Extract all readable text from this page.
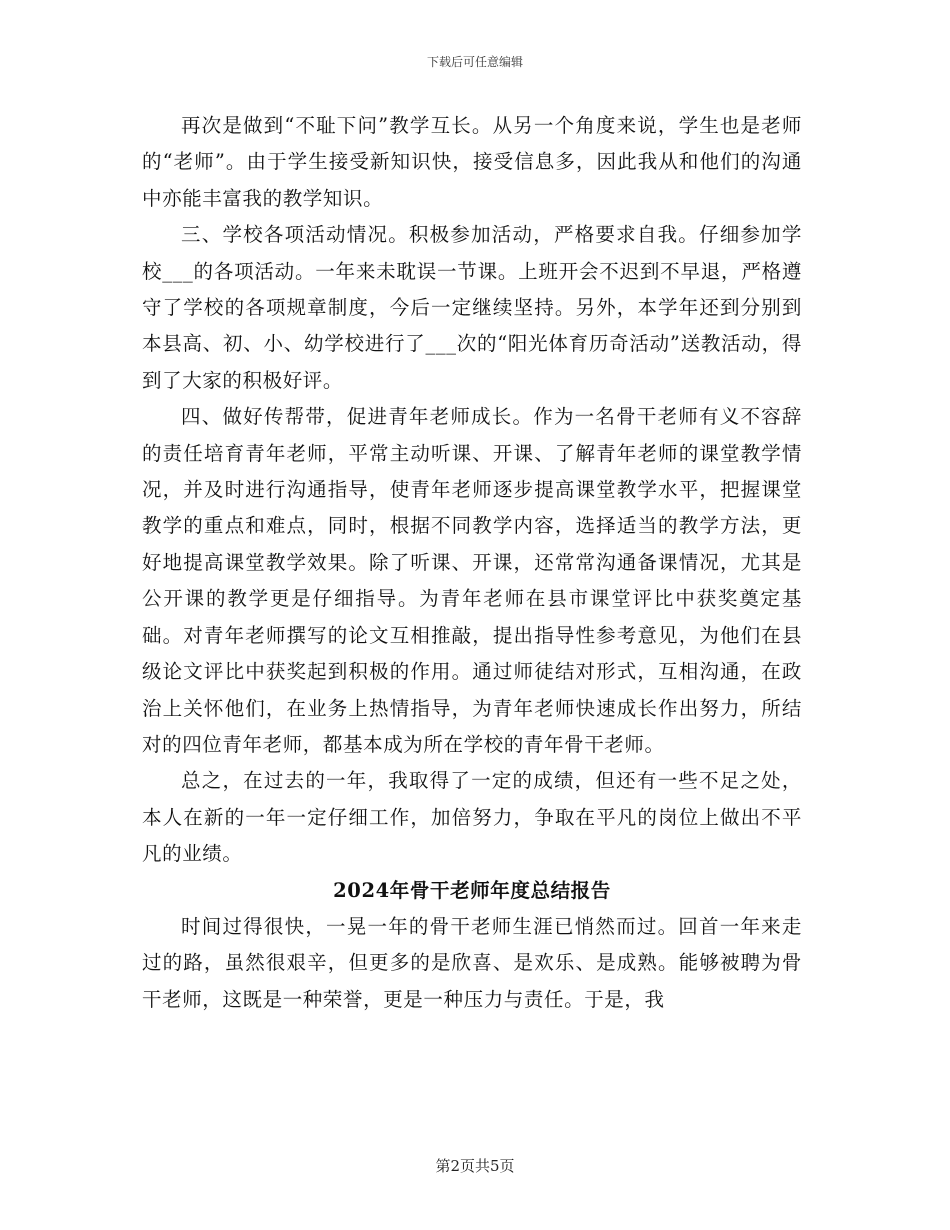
下载后可任意编辑

再次是做到“不耻下问”教学互长。从另一个角度来说，学生也是老师的“老师”。由于学生接受新知识快，接受信息多，因此我从和他们的沟通中亦能丰富我的教学知识。

三、学校各项活动情况。积极参加活动，严格要求自我。仔细参加学校___的各项活动。一年来未耽误一节课。上班开会不迟到不早退，严格遵守了学校的各项规章制度，今后一定继续坚持。另外，本学年还到分别到本县高、初、小、幼学校进行了___次的“阳光体育历奇活动”送教活动，得到了大家的积极好评。

四、做好传帮带，促进青年老师成长。作为一名骨干老师有义不容辞的责任培育青年老师，平常主动听课、开课、了解青年老师的课堂教学情况，并及时进行沟通指导，使青年老师逐步提高课堂教学水平，把握课堂教学的重点和难点，同时，根据不同教学内容，选择适当的教学方法，更好地提高课堂教学效果。除了听课、开课，还常常沟通备课情况，尤其是公开课的教学更是仔细指导。为青年老师在县市课堂评比中获奖奠定基础。对青年老师撰写的论文互相推敲，提出指导性参考意见，为他们在县级论文评比中获奖起到积极的作用。通过师徒结对形式，互相沟通，在政治上关怀他们，在业务上热情指导，为青年老师快速成长作出努力，所结对的四位青年老师，都基本成为所在学校的青年骨干老师。

总之，在过去的一年，我取得了一定的成绩，但还有一些不足之处，本人在新的一年一定仔细工作，加倍努力，争取在平凡的岗位上做出不平凡的业绩。

2024年骨干老师年度总结报告

时间过得很快，一晃一年的骨干老师生涯已悄然而过。回首一年来走过的路，虽然很艰辛，但更多的是欣喜、是欢乐、是成熟。能够被聘为骨干老师，这既是一种荣誉，更是一种压力与责任。于是，我

第2页共5页
